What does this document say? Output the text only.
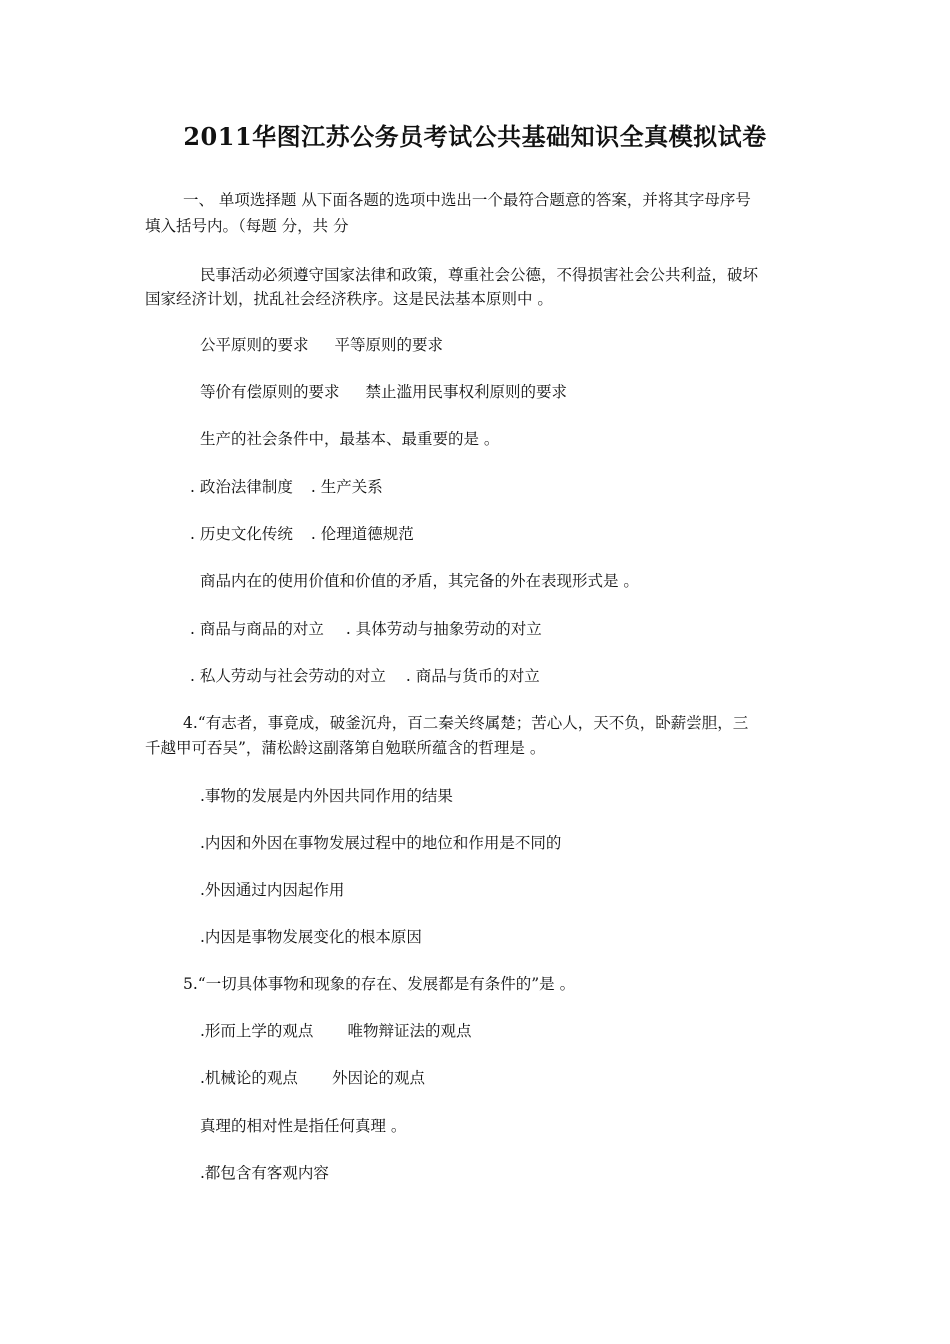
2011华图江苏公务员考试公共基础知识全真模拟试卷
一、 单项选择题 从下面各题的选项中选出一个最符合题意的答案，并将其字母序号
填入括号内。（每题 分，共 分
民事活动必须遵守国家法律和政策，尊重社会公德，不得损害社会公共利益，破坏
国家经济计划，扰乱社会经济秩序。这是民法基本原则中 。
公平原则的要求 平等原则的要求
等价有偿原则的要求 禁止滥用民事权利原则的要求
生产的社会条件中，最基本、最重要的是 。
. 政治法律制度 . 生产关系
. 历史文化传统 . 伦理道德规范
商品内在的使用价值和价值的矛盾，其完备的外在表现形式是 。
. 商品与商品的对立 . 具体劳动与抽象劳动的对立
. 私人劳动与社会劳动的对立 . 商品与货币的对立
4.“有志者，事竟成，破釜沉舟，百二秦关终属楚；苦心人，天不负，卧薪尝胆，三
千越甲可吞吴”，蒲松龄这副落第自勉联所蕴含的哲理是 。
.事物的发展是内外因共同作用的结果
.内因和外因在事物发展过程中的地位和作用是不同的
.外因通过内因起作用
.内因是事物发展变化的根本原因
5.“一切具体事物和现象的存在、发展都是有条件的”是 。
.形而上学的观点 唯物辩证法的观点
.机械论的观点 外因论的观点
真理的相对性是指任何真理 。
.都包含有客观内容
